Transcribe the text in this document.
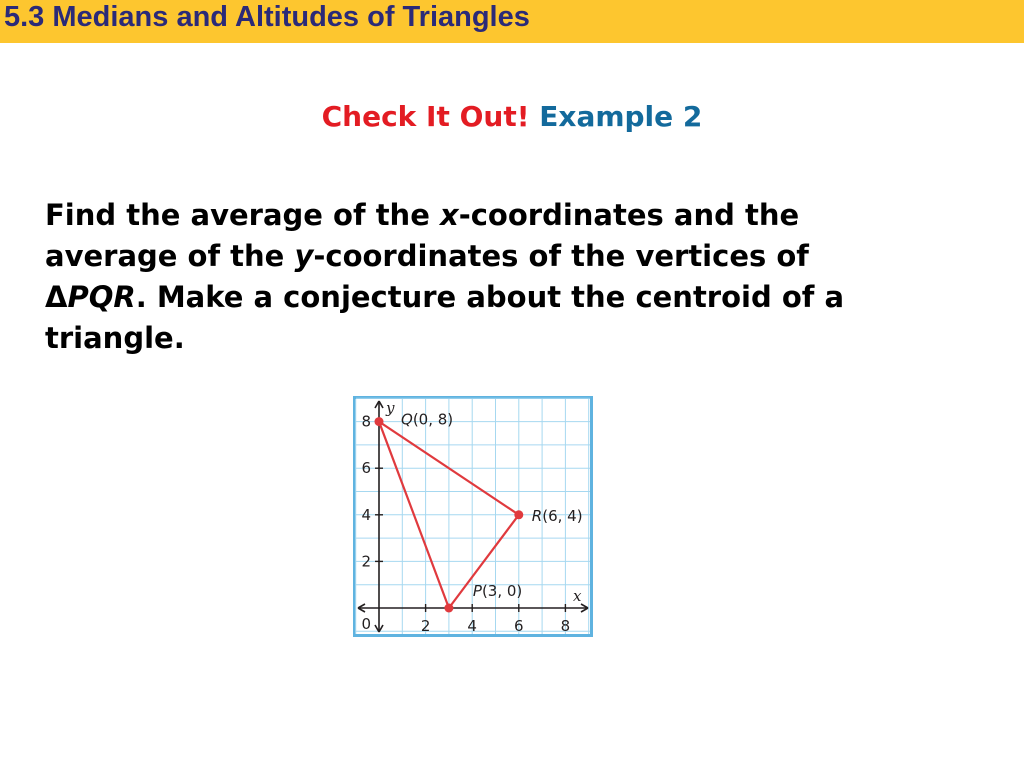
5.3 Medians and Altitudes of Triangles
Check It Out! Example 2

Find the average of the x-coordinates and the
average of the y-coordinates of the vertices of
ΔPQR. Make a conjecture about the centroid of a
triangle.

2 4 6 8
2
4
6
8
0
x
y
Q(0, 8)
R(6, 4)
P(3, 0)
